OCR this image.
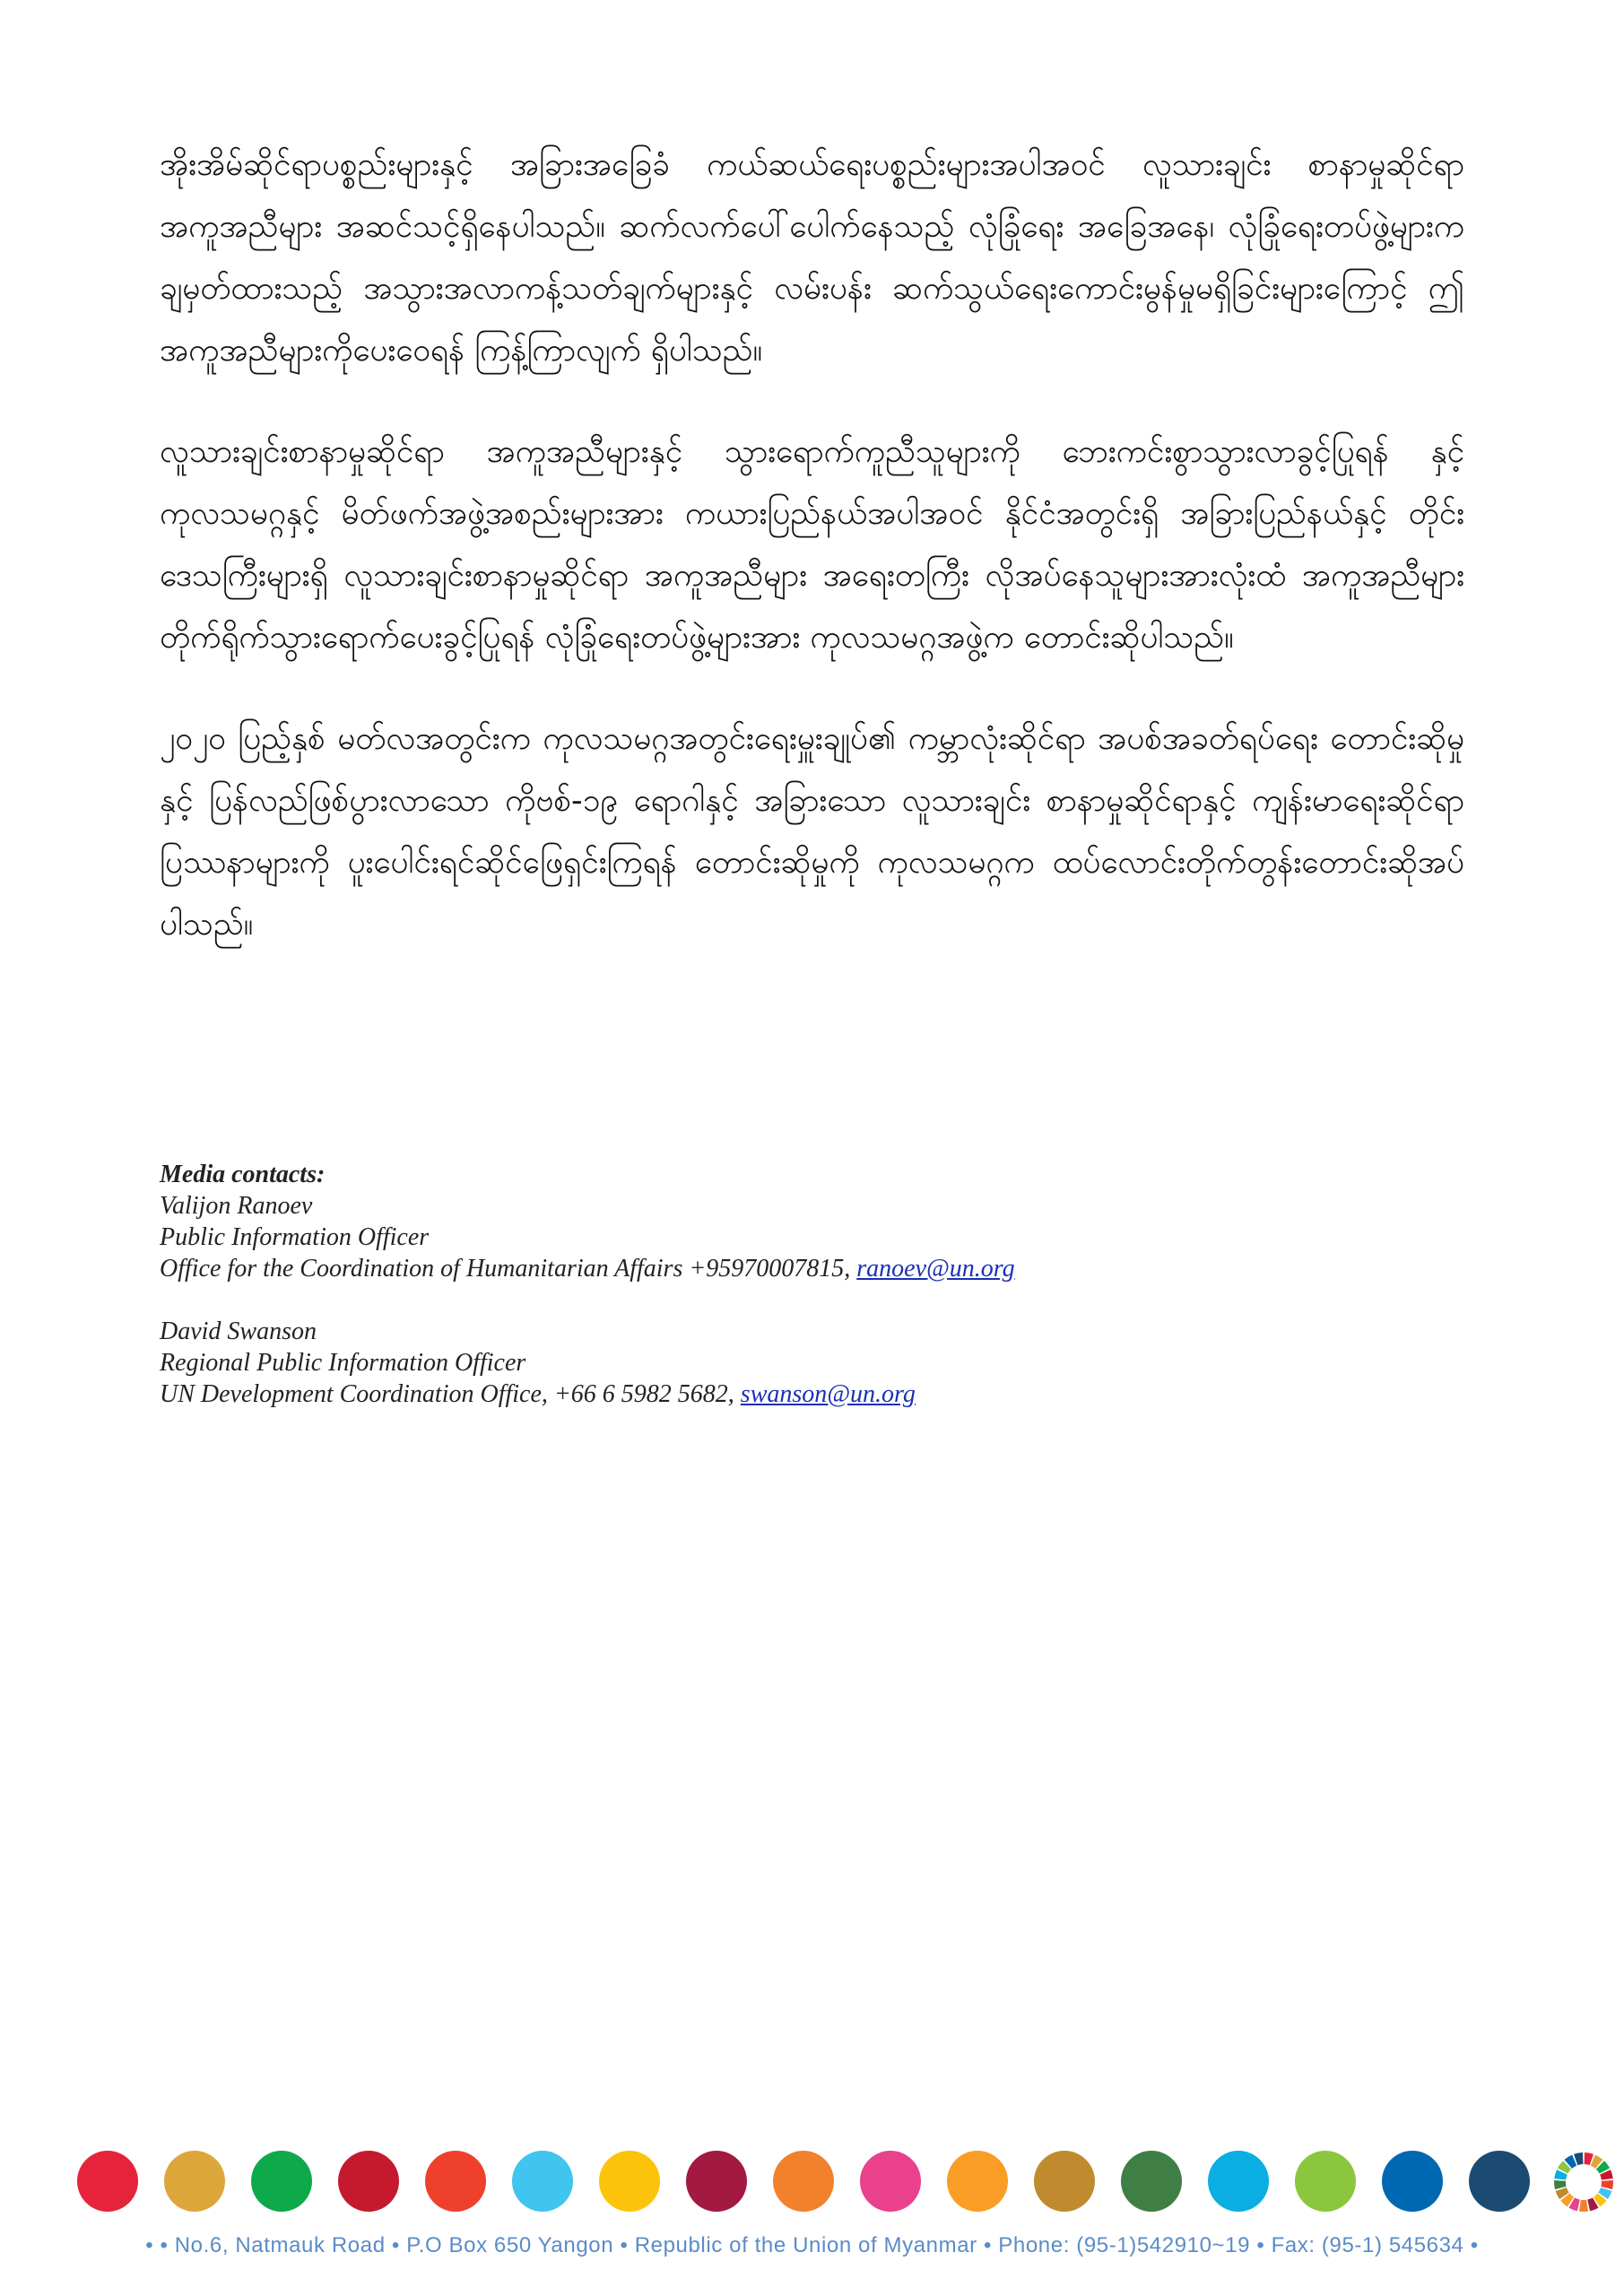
အိုးအိမ်ဆိုင်ရာပစ္စည်းများနှင့် အခြားအခြေခံ ကယ်ဆယ်ရေးပစ္စည်းများအပါအဝင် လူသားချင်း စာနာမှုဆိုင်ရာ အကူအညီများ အဆင်သင့်ရှိနေပါသည်။ ဆက်လက်ပေါ်ပေါက်နေသည့် လုံခြုံရေး အခြေအနေ၊ လုံခြုံရေးတပ်ဖွဲ့များက ချမှတ်ထားသည့် အသွားအလာကန့်သတ်ချက်များနှင့် လမ်းပန်း ဆက်သွယ်ရေးကောင်းမွန်မှုမရှိခြင်းများကြောင့် ဤအကူအညီများကိုပေးဝေရန် ကြန့်ကြာလျက် ရှိပါသည်။

လူသားချင်းစာနာမှုဆိုင်ရာ အကူအညီများနှင့် သွားရောက်ကူညီသူများကို ဘေးကင်းစွာသွားလာခွင့်ပြုရန် နှင့် ကုလသမဂ္ဂနှင့် မိတ်ဖက်အဖွဲ့အစည်းများအား ကယားပြည်နယ်အပါအဝင် နိုင်ငံအတွင်းရှိ အခြားပြည်နယ်နှင့် တိုင်းဒေသကြီးများရှိ လူသားချင်းစာနာမှုဆိုင်ရာ အကူအညီများ အရေးတကြီး လိုအပ်နေသူများအားလုံးထံ အကူအညီများတိုက်ရိုက်သွားရောက်ပေးခွင့်ပြုရန် လုံခြုံရေးတပ်ဖွဲ့များအား ကုလသမဂ္ဂအဖွဲ့က တောင်းဆိုပါသည်။

၂၀၂၀ ပြည့်နှစ် မတ်လအတွင်းက ကုလသမဂ္ဂအတွင်းရေးမှူးချုပ်၏ ကမ္ဘာလုံးဆိုင်ရာ အပစ်အခတ်ရပ်ရေး တောင်းဆိုမှုနှင့် ပြန်လည်ဖြစ်ပွားလာသော ကိုဗစ်-၁၉ ရောဂါနှင့် အခြားသော လူသားချင်း စာနာမှုဆိုင်ရာနှင့် ကျန်းမာရေးဆိုင်ရာပြဿနာများကို ပူးပေါင်းရင်ဆိုင်ဖြေရှင်းကြရန် တောင်းဆိုမှုကို ကုလသမဂ္ဂက ထပ်လောင်းတိုက်တွန်းတောင်းဆိုအပ်ပါသည်။

Media contacts:
Valijon Ranoev
Public Information Officer
Office for the Coordination of Humanitarian Affairs +95970007815, ranoev@un.org
David Swanson
Regional Public Information Officer
UN Development Coordination Office, +66 6 5982 5682, swanson@un.org
• • No.6, Natmauk Road • P.O Box 650 Yangon • Republic of the Union of Myanmar • Phone: (95-1)542910~19 • Fax: (95-1) 545634 •
